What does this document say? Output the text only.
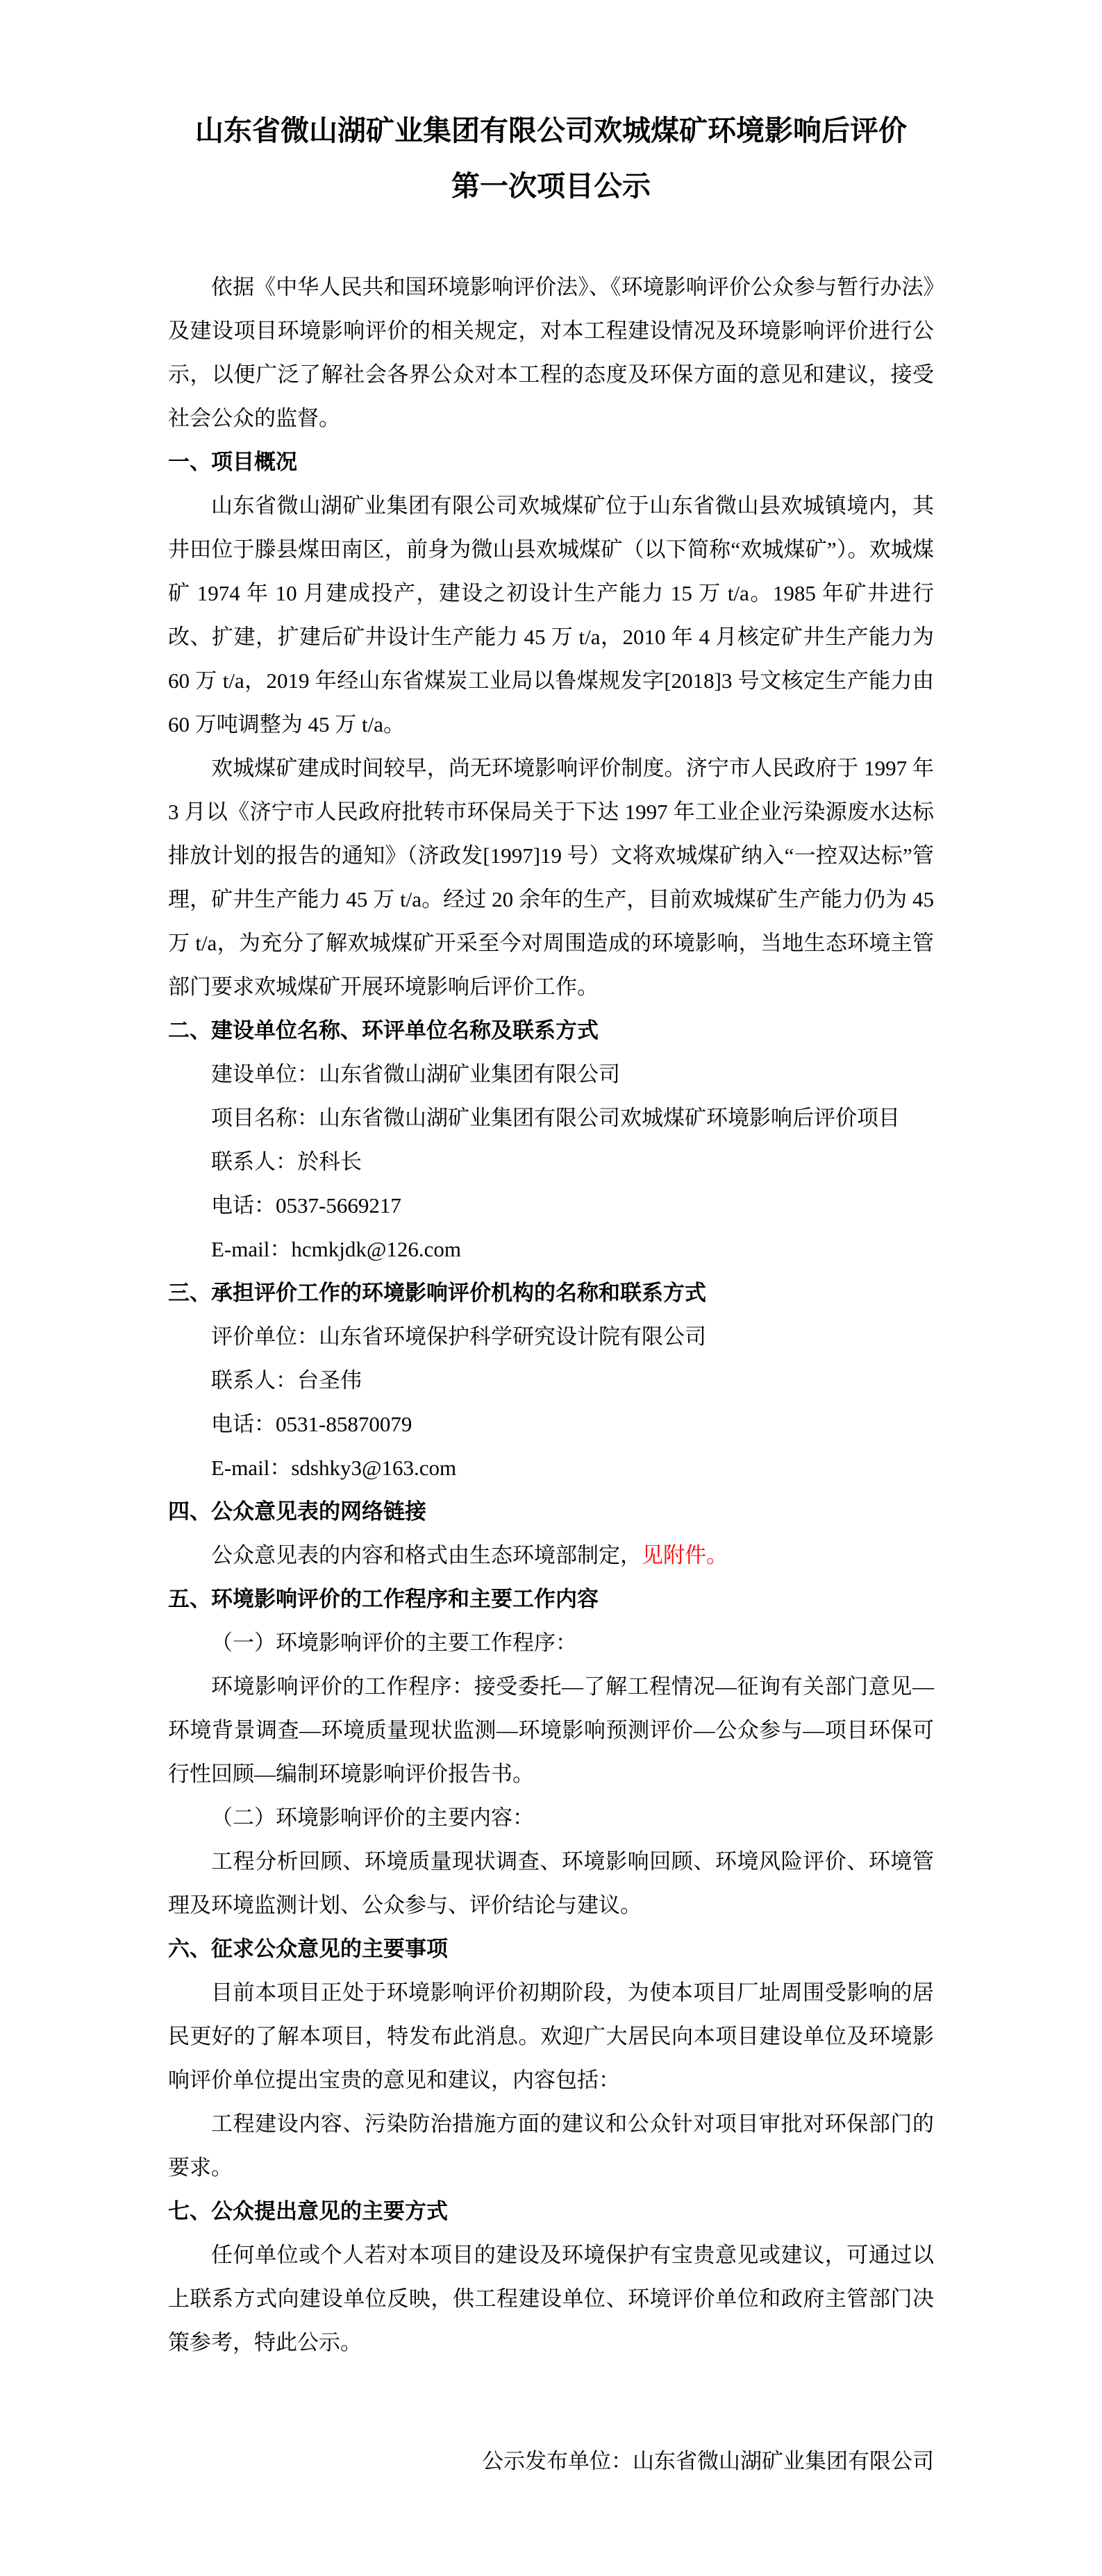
山东省微山湖矿业集团有限公司欢城煤矿环境影响后评价
第一次项目公示

依据《中华人民共和国环境影响评价法》、《环境影响评价公众参与暂行办法》及建设项目环境影响评价的相关规定，对本工程建设情况及环境影响评价进行公示，以便广泛了解社会各界公众对本工程的态度及环保方面的意见和建议，接受社会公众的监督。

一、项目概况

山东省微山湖矿业集团有限公司欢城煤矿位于山东省微山县欢城镇境内，其井田位于滕县煤田南区，前身为微山县欢城煤矿（以下简称“欢城煤矿”）。欢城煤矿 1974 年 10 月建成投产，建设之初设计生产能力 15 万 t/a。1985 年矿井进行改、扩建，扩建后矿井设计生产能力 45 万 t/a，2010 年 4 月核定矿井生产能力为 60 万 t/a，2019 年经山东省煤炭工业局以鲁煤规发字[2018]3 号文核定生产能力由 60 万吨调整为 45 万 t/a。

欢城煤矿建成时间较早，尚无环境影响评价制度。济宁市人民政府于 1997 年 3 月以《济宁市人民政府批转市环保局关于下达 1997 年工业企业污染源废水达标排放计划的报告的通知》（济政发[1997]19 号）文将欢城煤矿纳入“一控双达标”管理，矿井生产能力 45 万 t/a。经过 20 余年的生产，目前欢城煤矿生产能力仍为 45 万 t/a，为充分了解欢城煤矿开采至今对周围造成的环境影响，当地生态环境主管部门要求欢城煤矿开展环境影响后评价工作。

二、建设单位名称、环评单位名称及联系方式

建设单位：山东省微山湖矿业集团有限公司

项目名称：山东省微山湖矿业集团有限公司欢城煤矿环境影响后评价项目

联系人：於科长

电话：0537-5669217

E-mail：hcmkjdk@126.com

三、承担评价工作的环境影响评价机构的名称和联系方式

评价单位：山东省环境保护科学研究设计院有限公司

联系人：台圣伟

电话：0531-85870079

E-mail：sdshky3@163.com

四、公众意见表的网络链接

公众意见表的内容和格式由生态环境部制定，见附件。

五、环境影响评价的工作程序和主要工作内容

（一）环境影响评价的主要工作程序：

环境影响评价的工作程序：接受委托—了解工程情况—征询有关部门意见—环境背景调查—环境质量现状监测—环境影响预测评价—公众参与—项目环保可行性回顾—编制环境影响评价报告书。

（二）环境影响评价的主要内容：

工程分析回顾、环境质量现状调查、环境影响回顾、环境风险评价、环境管理及环境监测计划、公众参与、评价结论与建议。

六、征求公众意见的主要事项

目前本项目正处于环境影响评价初期阶段，为使本项目厂址周围受影响的居民更好的了解本项目，特发布此消息。欢迎广大居民向本项目建设单位及环境影响评价单位提出宝贵的意见和建议，内容包括：

工程建设内容、污染防治措施方面的建议和公众针对项目审批对环保部门的要求。

七、公众提出意见的主要方式

任何单位或个人若对本项目的建设及环境保护有宝贵意见或建议，可通过以上联系方式向建设单位反映，供工程建设单位、环境评价单位和政府主管部门决策参考，特此公示。

公示发布单位：山东省微山湖矿业集团有限公司
